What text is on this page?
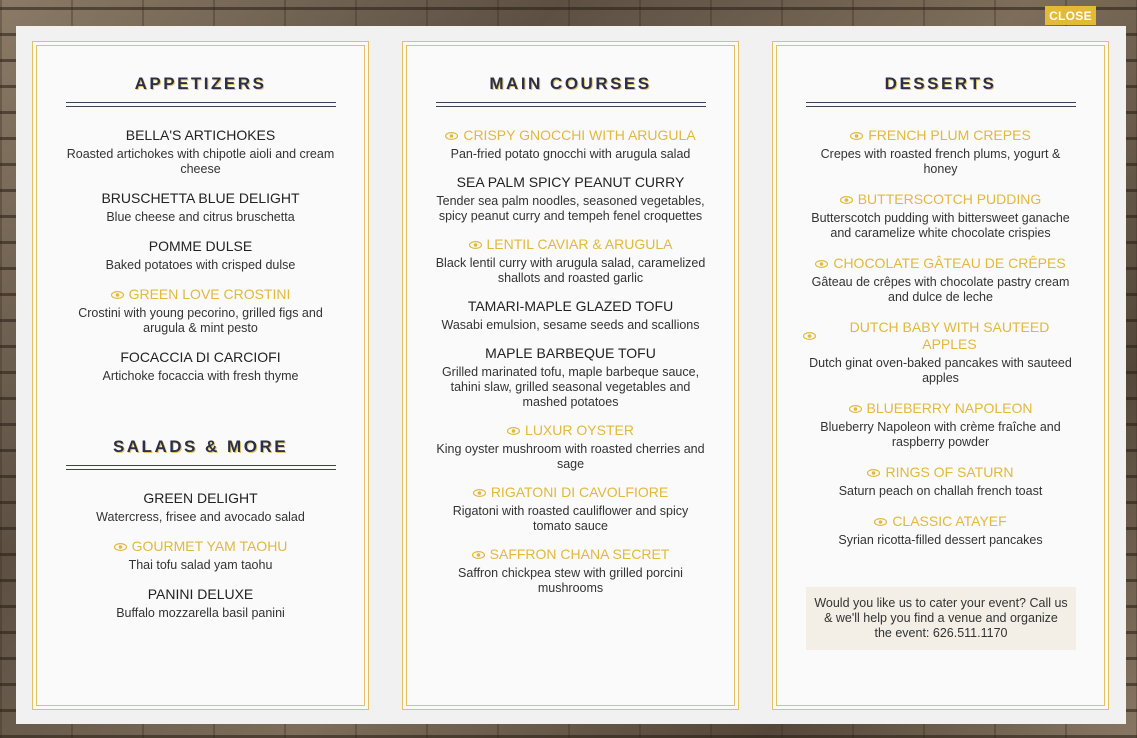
CLOSE
APPETIZERS
BELLA'S ARTICHOKES
Roasted artichokes with chipotle aioli and cream cheese
BRUSCHETTA BLUE DELIGHT
Blue cheese and citrus bruschetta
POMME DULSE
Baked potatoes with crisped dulse
GREEN LOVE CROSTINI
Crostini with young pecorino, grilled figs and arugula & mint pesto
FOCACCIA DI CARCIOFI
Artichoke focaccia with fresh thyme
SALADS & MORE
GREEN DELIGHT
Watercress, frisee and avocado salad
GOURMET YAM TAOHU
Thai tofu salad yam taohu
PANINI DELUXE
Buffalo mozzarella basil panini
MAIN COURSES
CRISPY GNOCCHI WITH ARUGULA
Pan-fried potato gnocchi with arugula salad
SEA PALM SPICY PEANUT CURRY
Tender sea palm noodles, seasoned vegetables, spicy peanut curry and tempeh fenel croquettes
LENTIL CAVIAR & ARUGULA
Black lentil curry with arugula salad, caramelized shallots and roasted garlic
TAMARI-MAPLE GLAZED TOFU
Wasabi emulsion, sesame seeds and scallions
MAPLE BARBEQUE TOFU
Grilled marinated tofu, maple barbeque sauce, tahini slaw, grilled seasonal vegetables and mashed potatoes
LUXUR OYSTER
King oyster mushroom with roasted cherries and sage
RIGATONI DI CAVOLFIORE
Rigatoni with roasted cauliflower and spicy tomato sauce
SAFFRON CHANA SECRET
Saffron chickpea stew with grilled porcini mushrooms
DESSERTS
FRENCH PLUM CREPES
Crepes with roasted french plums, yogurt & honey
BUTTERSCOTCH PUDDING
Butterscotch pudding with bittersweet ganache and caramelize white chocolate crispies
CHOCOLATE GÂTEAU DE CRÊPES
Gâteau de crêpes with chocolate pastry cream and dulce de leche
DUTCH BABY WITH SAUTEED APPLES
Dutch ginat oven-baked pancakes with sauteed apples
BLUEBERRY NAPOLEON
Blueberry Napoleon with crème fraîche and raspberry powder
RINGS OF SATURN
Saturn peach on challah french toast
CLASSIC ATAYEF
Syrian ricotta-filled dessert pancakes
Would you like us to cater your event? Call us & we'll help you find a venue and organize the event: 626.511.1170
